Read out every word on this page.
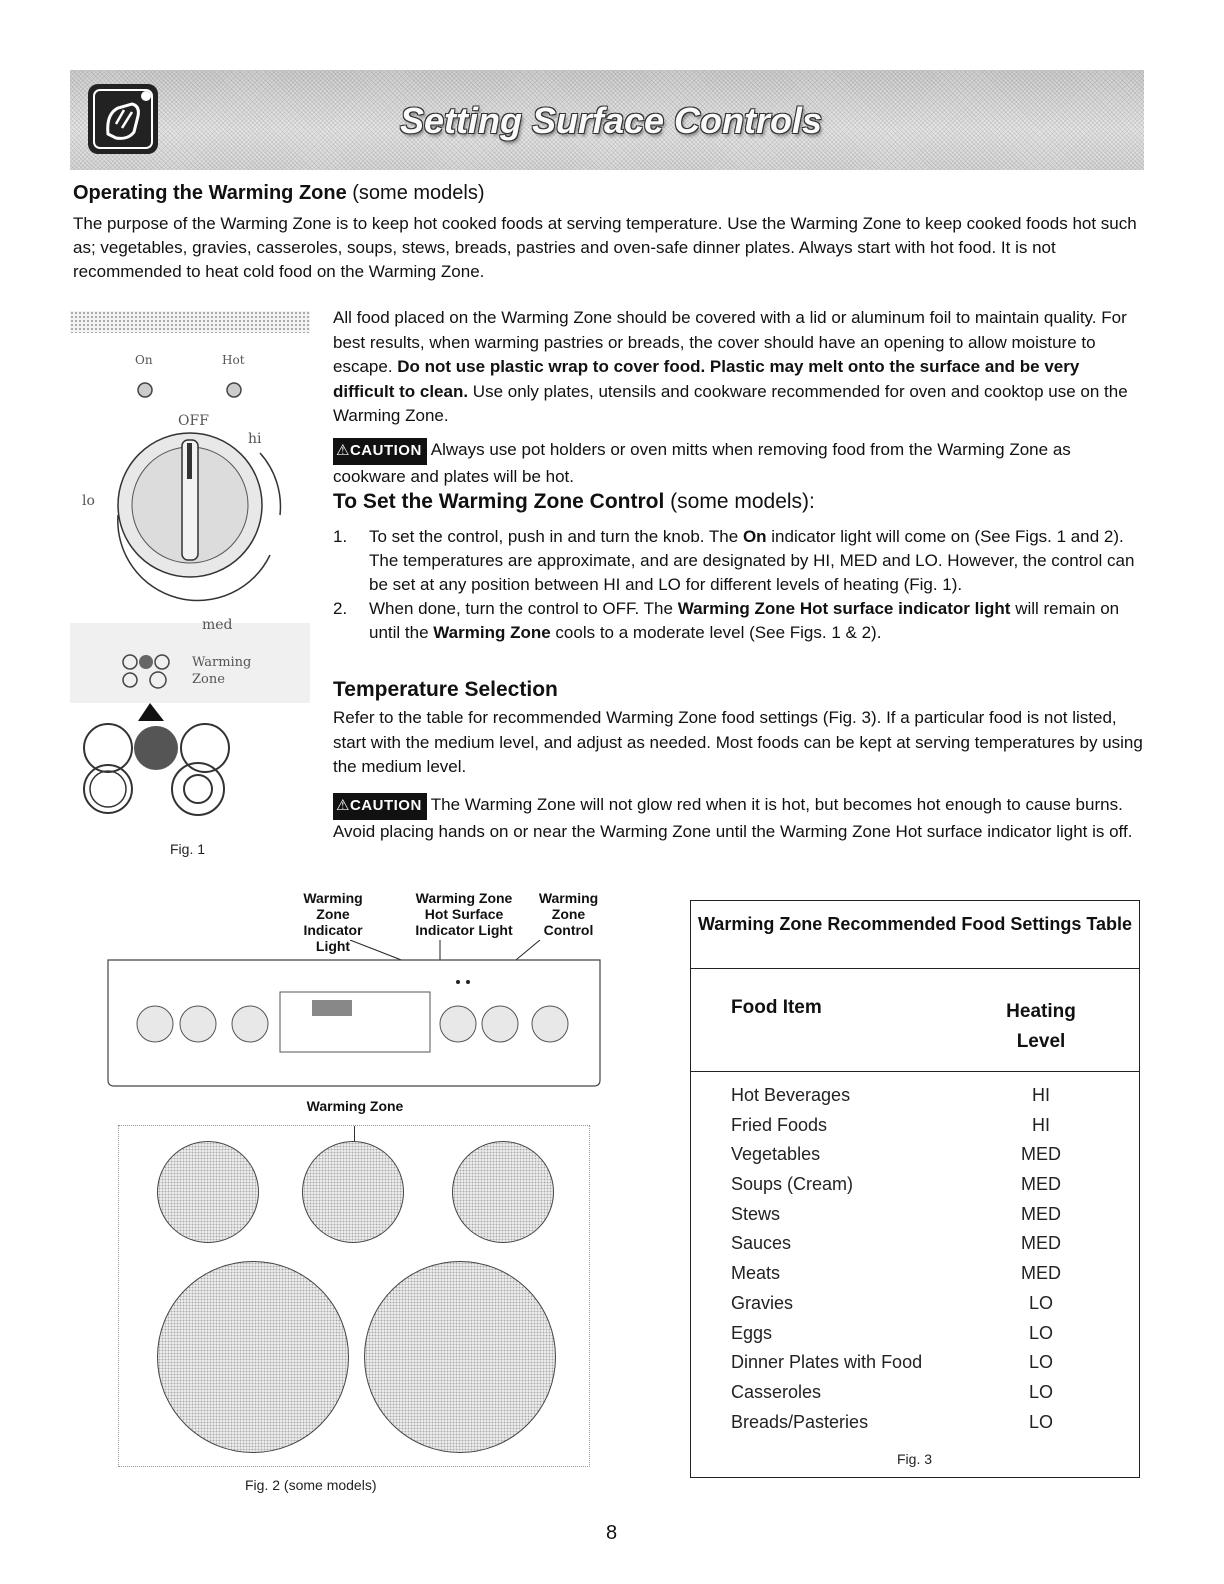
Setting Surface Controls
Operating the Warming Zone (some models)
The purpose of the Warming Zone is to keep hot cooked foods at serving temperature. Use the Warming Zone to keep cooked foods hot such as; vegetables, gravies, casseroles, soups, stews, breads, pastries and oven-safe dinner plates. Always start with hot food. It is not recommended to heat cold food on the Warming Zone.
All food placed on the Warming Zone should be covered with a lid or aluminum foil to maintain quality. For best results, when warming pastries or breads, the cover should have an opening to allow moisture to escape. Do not use plastic wrap to cover food. Plastic may melt onto the surface and be very difficult to clean. Use only plates, utensils and cookware recommended for oven and cooktop use on the Warming Zone.
⚠CAUTION Always use pot holders or oven mitts when removing food from the Warming Zone as cookware and plates will be hot.
To Set the Warming Zone Control (some models):
1. To set the control, push in and turn the knob. The On indicator light will come on (See Figs. 1 and 2). The temperatures are approximate, and are designated by HI, MED and LO. However, the control can be set at any position between HI and LO for different levels of heating (Fig. 1).
2. When done, turn the control to OFF. The Warming Zone Hot surface indicator light will remain on until the Warming Zone cools to a moderate level (See Figs. 1 & 2).
Temperature Selection
Refer to the table for recommended Warming Zone food settings (Fig. 3). If a particular food is not listed, start with the medium level, and adjust as needed. Most foods can be kept at serving temperatures by using the medium level.
⚠CAUTION The Warming Zone will not glow red when it is hot, but becomes hot enough to cause burns. Avoid placing hands on or near the Warming Zone until the Warming Zone Hot surface indicator light is off.
On	Hot
OFF
hi
lo
med
Warming
Zone
Fig. 1
Warming
Zone
Indicator Light
Warming Zone
Hot Surface
Indicator Light
Warming
Zone
Control
Warming Zone
Fig. 2 (some models)
Warming Zone Recommended Food Settings Table
Food Item	Heating Level
Hot Beverages	HI
Fried Foods	HI
Vegetables	MED
Soups (Cream)	MED
Stews	MED
Sauces	MED
Meats	MED
Gravies	LO
Eggs	LO
Dinner Plates with Food	LO
Casseroles	LO
Breads/Pasteries	LO
Fig. 3
8
